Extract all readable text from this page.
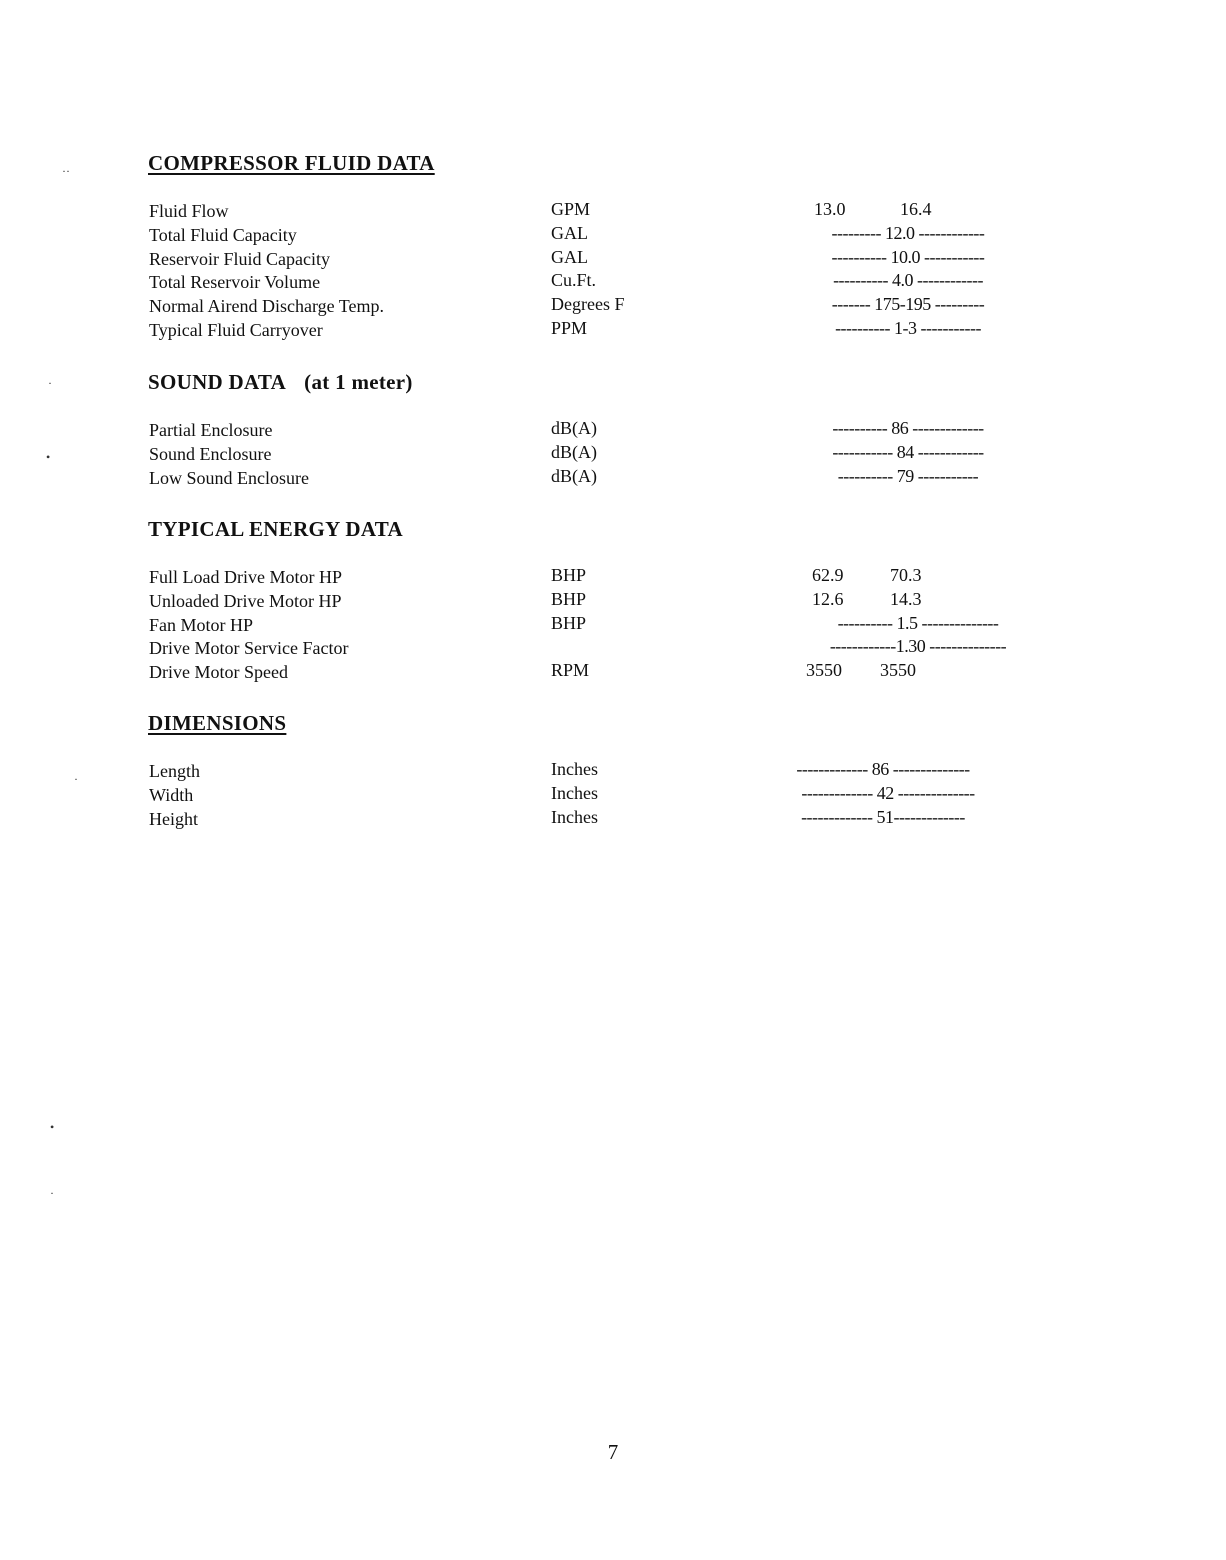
COMPRESSOR FLUID DATA
Fluid Flow	GPM	13.0	16.4
Total Fluid Capacity	GAL	--------- 12.0 ------------
Reservoir Fluid Capacity	GAL	---------- 10.0 -----------
Total Reservoir Volume	Cu.Ft.	---------- 4.0 ------------
Normal Airend Discharge Temp.	Degrees F	------- 175-195 ---------
Typical Fluid Carryover	PPM	---------- 1-3 -----------
SOUND DATA (at 1 meter)
Partial Enclosure	dB(A)	---------- 86 -------------
Sound Enclosure	dB(A)	----------- 84 ------------
Low Sound Enclosure	dB(A)	---------- 79 -----------
TYPICAL ENERGY DATA
Full Load Drive Motor HP	BHP	62.9	70.3
Unloaded Drive Motor HP	BHP	12.6	14.3
Fan Motor HP	BHP	---------- 1.5 --------------
Drive Motor Service Factor	------------1.30 --------------
Drive Motor Speed	RPM	3550 3550
DIMENSIONS
Length	Inches	------------- 86 --------------
Width	Inches	------------- 42 --------------
Height	Inches	------------- 51-------------
··
·
•
·
•
·
7
